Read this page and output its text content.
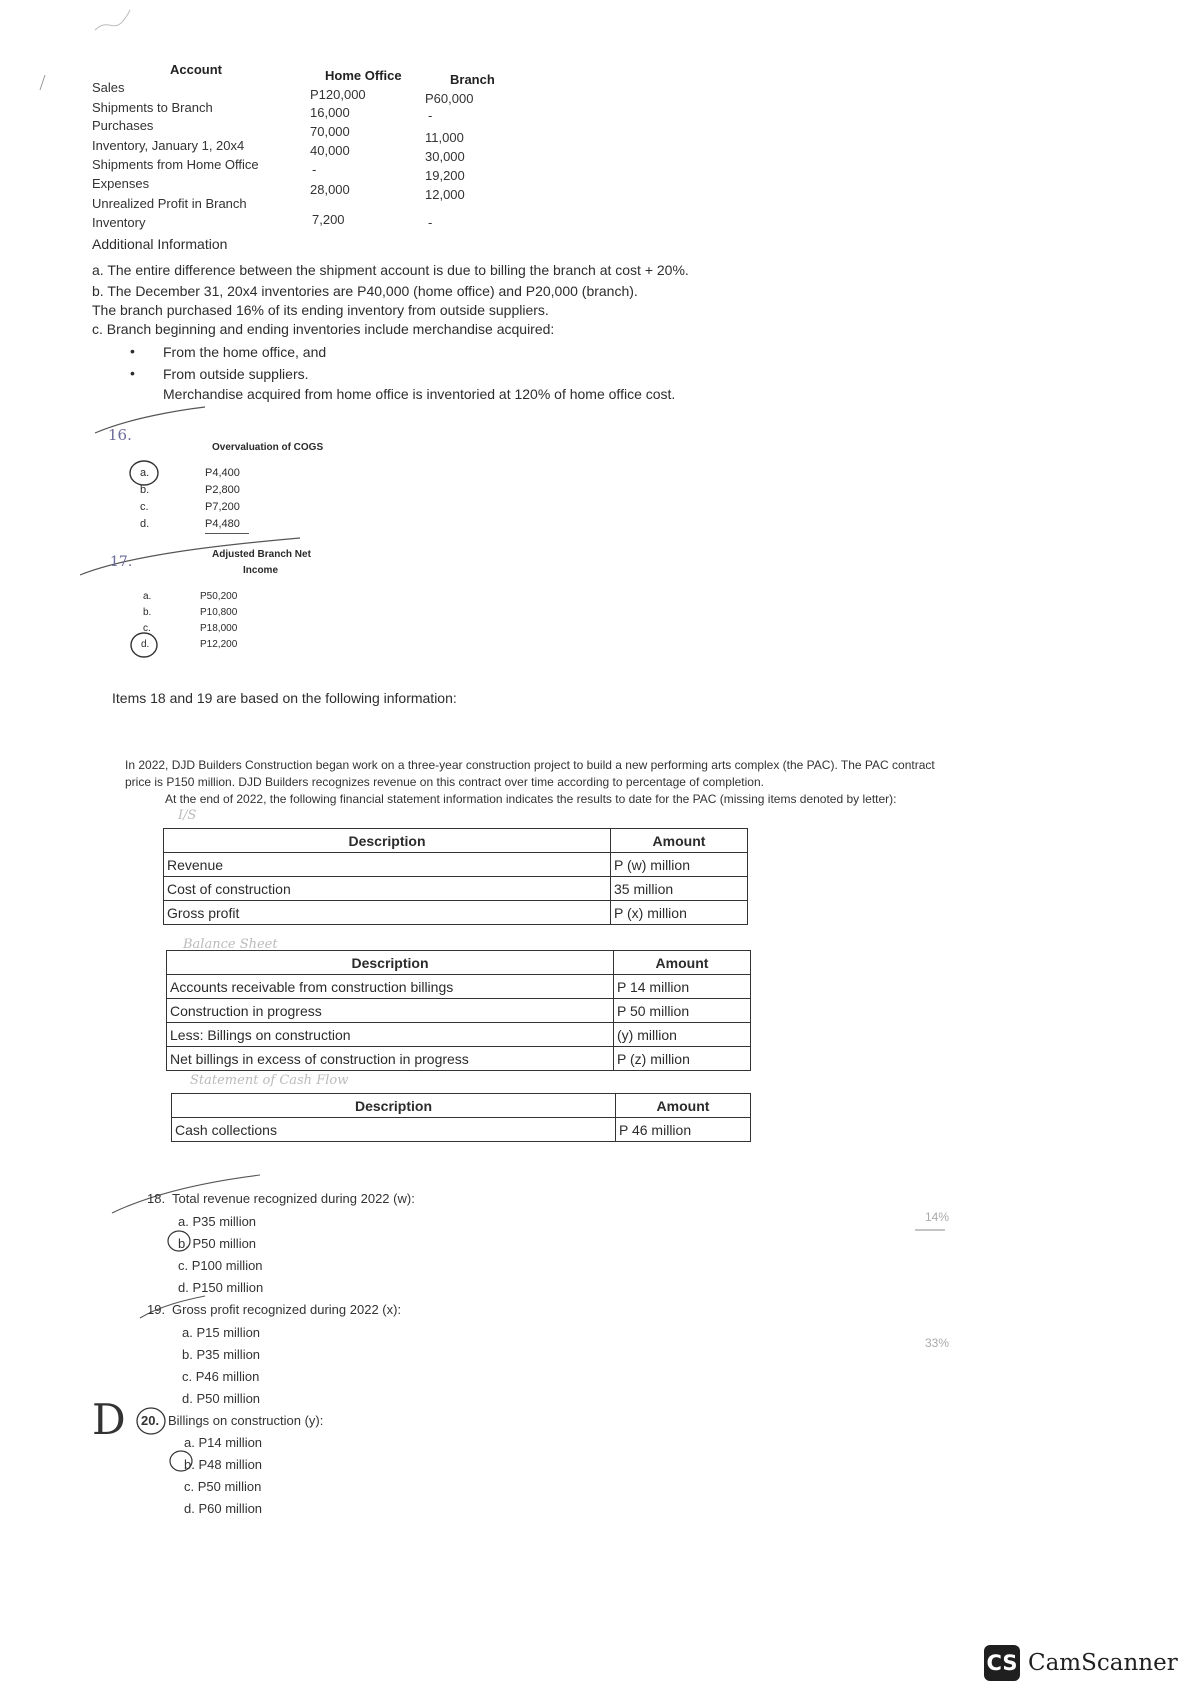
Account	Home Office	Branch
Sales	P120,000	P60,000
Shipments to Branch	16,000	-
Purchases	70,000	11,000
Inventory, January 1, 20x4	40,000	30,000
Shipments from Home Office	-	19,200
Expenses	28,000	12,000
Unrealized Profit in Branch
Inventory	7,200	-
Additional Information
a. The entire difference between the shipment account is due to billing the branch at cost + 20%.
b. The December 31, 20x4 inventories are P40,000 (home office) and P20,000 (branch).
The branch purchased 16% of its ending inventory from outside suppliers.
c. Branch beginning and ending inventories include merchandise acquired:
• From the home office, and
• From outside suppliers.
Merchandise acquired from home office is inventoried at 120% of home office cost.
16.
Overvaluation of COGS
a.	P4,400
b.	P2,800
c.	P7,200
d.	P4,480
17.	Adjusted Branch Net
Income
a.	P50,200
b.	P10,800
c.	P18,000
d.	P12,200
Items 18 and 19 are based on the following information:
In 2022, DJD Builders Construction began work on a three-year construction project to build a new performing arts complex (the PAC). The PAC contract
price is P150 million. DJD Builders recognizes revenue on this contract over time according to percentage of completion.
At the end of 2022, the following financial statement information indicates the results to date for the PAC (missing items denoted by letter):
I/S
Description	Amount
Revenue	P (w) million
Cost of construction	35 million
Gross profit	P (x) million
Balance Sheet
Description	Amount
Accounts receivable from construction billings	P 14 million
Construction in progress	P 50 million
Less: Billings on construction	(y) million
Net billings in excess of construction in progress	P (z) million
Statement of Cash Flow
Description	Amount
Cash collections	P 46 million
18. Total revenue recognized during 2022 (w):
a. P35 million
b. P50 million
c. P100 million
d. P150 million
19. Gross profit recognized during 2022 (x):
a. P15 million
b. P35 million
c. P46 million
d. P50 million
D 20. Billings on construction (y):
a. P14 million
b. P48 million
c. P50 million
d. P60 million
14%
33%
CS CamScanner
